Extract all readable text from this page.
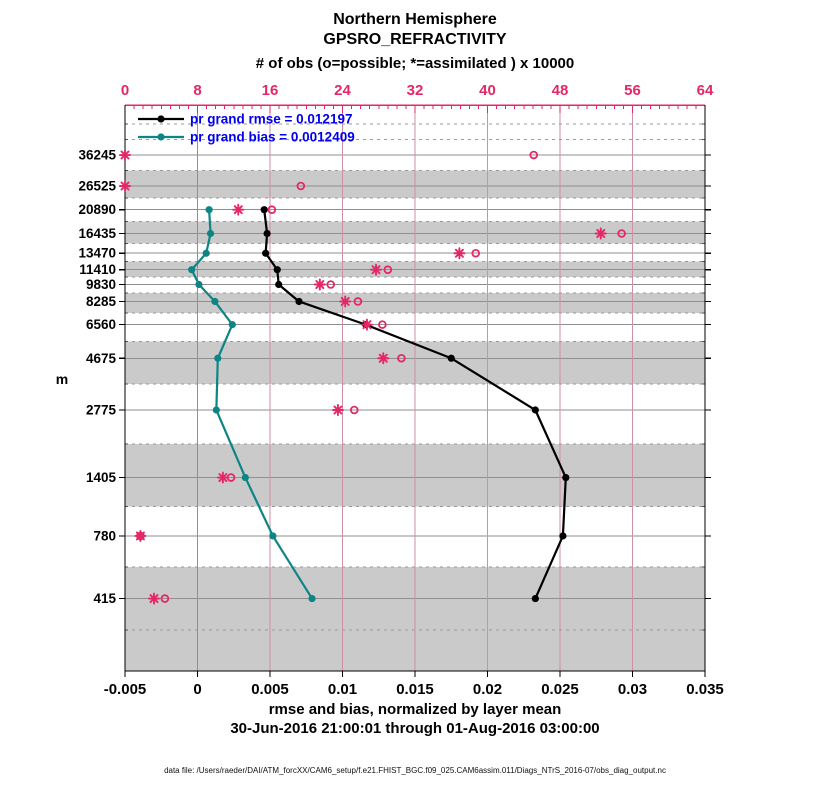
pr grand rmse = 0.012197
pr grand bias = 0.0012409
0	8	16	24	32	40	48	56	64
-0.005	0	0.005	0.01	0.015	0.02	0.025	0.03	0.035
36245
26525
20890
16435
13470
11410
9830
8285
6560
4675
2775
1405
780
415
Northern Hemisphere
GPSRO_REFRACTIVITY
# of obs (o=possible; *=assimilated ) x 10000
m
rmse and bias, normalized by layer mean
30-Jun-2016 21:00:01 through 01-Aug-2016 03:00:00
data file: /Users/raeder/DAI/ATM_forcXX/CAM6_setup/f.e21.FHIST_BGC.f09_025.CAM6assim.011/Diags_NTrS_2016-07/obs_diag_output.nc
